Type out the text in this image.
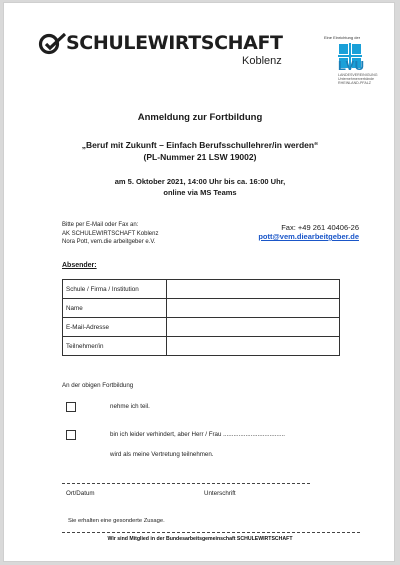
SCHULEWIRTSCHAFT
Koblenz
Eine Einrichtung der
LVU
LANDESVEREINIGUNG
Unternehmerverbände
RHEINLAND-PFALZ
Anmeldung zur Fortbildung
„Beruf mit Zukunft – Einfach Berufsschullehrer/in werden“
(PL-Nummer 21 LSW 19002)
am 5. Oktober 2021, 14:00 Uhr bis ca. 16:00 Uhr,
online via MS Teams
Bitte per E-Mail oder Fax an:
AK SCHULEWIRTSCHAFT Koblenz
Nora Pott, vem.die arbeitgeber e.V.
Fax: +49 261 40406-26
pott@vem.diearbeitgeber.de
Absender:
Schule / Firma / Institution	
Name	
E-Mail-Adresse	
Teilnehmer/in	
An der obigen Fortbildung
nehme ich teil.
bin ich leider verhindert, aber Herr / Frau ....................................
wird als meine Vertretung teilnehmen.
Ort/Datum	Unterschrift
Sie erhalten eine gesonderte Zusage.
Wir sind Mitglied in der Bundesarbeitsgemeinschaft SCHULEWIRTSCHAFT
